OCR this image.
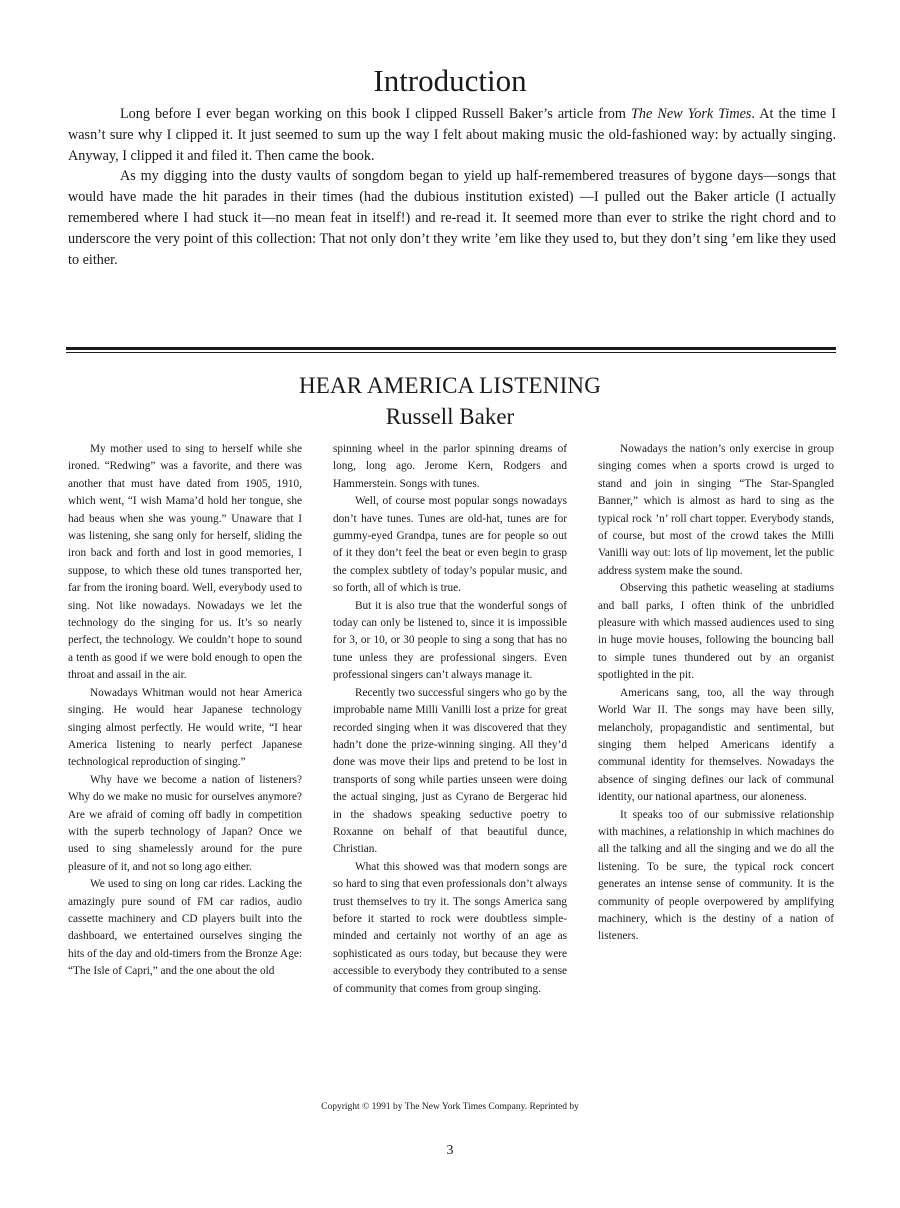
Introduction

Long before I ever began working on this book I clipped Russell Baker’s article from The New York Times. At the time I wasn’t sure why I clipped it. It just seemed to sum up the way I felt about making music the old-fashioned way: by actually singing. Anyway, I clipped it and filed it. Then came the book.

As my digging into the dusty vaults of songdom began to yield up half-remembered treasures of bygone days—songs that would have made the hit parades in their times (had the dubious institution existed) —I pulled out the Baker article (I actually remembered where I had stuck it—no mean feat in itself!) and re-read it. It seemed more than ever to strike the right chord and to underscore the very point of this collection: That not only don’t they write ’em like they used to, but they don’t sing ’em like they used to either.

HEAR AMERICA LISTENING
Russell Baker

My mother used to sing to herself while she ironed. “Redwing” was a favorite, and there was another that must have dated from 1905, 1910, which went, “I wish Mama’d hold her tongue, she had beaus when she was young.” Unaware that I was listening, she sang only for herself, sliding the iron back and forth and lost in good memories, I suppose, to which these old tunes transported her, far from the ironing board. Well, everybody used to sing. Not like nowadays. Nowadays we let the technology do the singing for us. It’s so nearly perfect, the technology. We couldn’t hope to sound a tenth as good if we were bold enough to open the throat and assail in the air.

Nowadays Whitman would not hear America singing. He would hear Japanese technology singing almost perfectly. He would write, “I hear America listening to nearly perfect Japanese technological reproduction of singing.”

Why have we become a nation of listeners? Why do we make no music for ourselves anymore? Are we afraid of coming off badly in competition with the superb technology of Japan? Once we used to sing shamelessly around for the pure pleasure of it, and not so long ago either.

We used to sing on long car rides. Lacking the amazingly pure sound of FM car radios, audio cassette machinery and CD players built into the dashboard, we entertained ourselves singing the hits of the day and old-timers from the Bronze Age: “The Isle of Capri,” and the one about the old

spinning wheel in the parlor spinning dreams of long, long ago. Jerome Kern, Rodgers and Hammerstein. Songs with tunes.

Well, of course most popular songs nowadays don’t have tunes. Tunes are old-hat, tunes are for gummy-eyed Grandpa, tunes are for people so out of it they don’t feel the beat or even begin to grasp the complex subtlety of today’s popular music, and so forth, all of which is true.

But it is also true that the wonderful songs of today can only be listened to, since it is impossible for 3, or 10, or 30 people to sing a song that has no tune unless they are professional singers. Even professional singers can’t always manage it.

Recently two successful singers who go by the improbable name Milli Vanilli lost a prize for great recorded singing when it was discovered that they hadn’t done the prize-winning singing. All they’d done was move their lips and pretend to be lost in transports of song while parties unseen were doing the actual singing, just as Cyrano de Bergerac hid in the shadows speaking seductive poetry to Roxanne on behalf of that beautiful dunce, Christian.

What this showed was that modern songs are so hard to sing that even professionals don’t always trust themselves to try it. The songs America sang before it started to rock were doubtless simple-minded and certainly not worthy of an age as sophisticated as ours today, but because they were accessible to everybody they contributed to a sense of community that comes from group singing.

Nowadays the nation’s only exercise in group singing comes when a sports crowd is urged to stand and join in singing “The Star-Spangled Banner,” which is almost as hard to sing as the typical rock ’n’ roll chart topper. Everybody stands, of course, but most of the crowd takes the Milli Vanilli way out: lots of lip movement, let the public address system make the sound.

Observing this pathetic weaseling at stadiums and ball parks, I often think of the unbridled pleasure with which massed audiences used to sing in huge movie houses, following the bouncing ball to simple tunes thundered out by an organist spotlighted in the pit.

Americans sang, too, all the way through World War II. The songs may have been silly, melancholy, propagandistic and sentimental, but singing them helped Americans identify a communal identity for themselves. Nowadays the absence of singing defines our lack of communal identity, our national apartness, our aloneness.

It speaks too of our submissive relationship with machines, a relationship in which machines do all the talking and all the singing and we do all the listening. To be sure, the typical rock concert generates an intense sense of community. It is the community of people overpowered by amplifying machinery, which is the destiny of a nation of listeners.

Copyright © 1991 by The New York Times Company. Reprinted by
3
